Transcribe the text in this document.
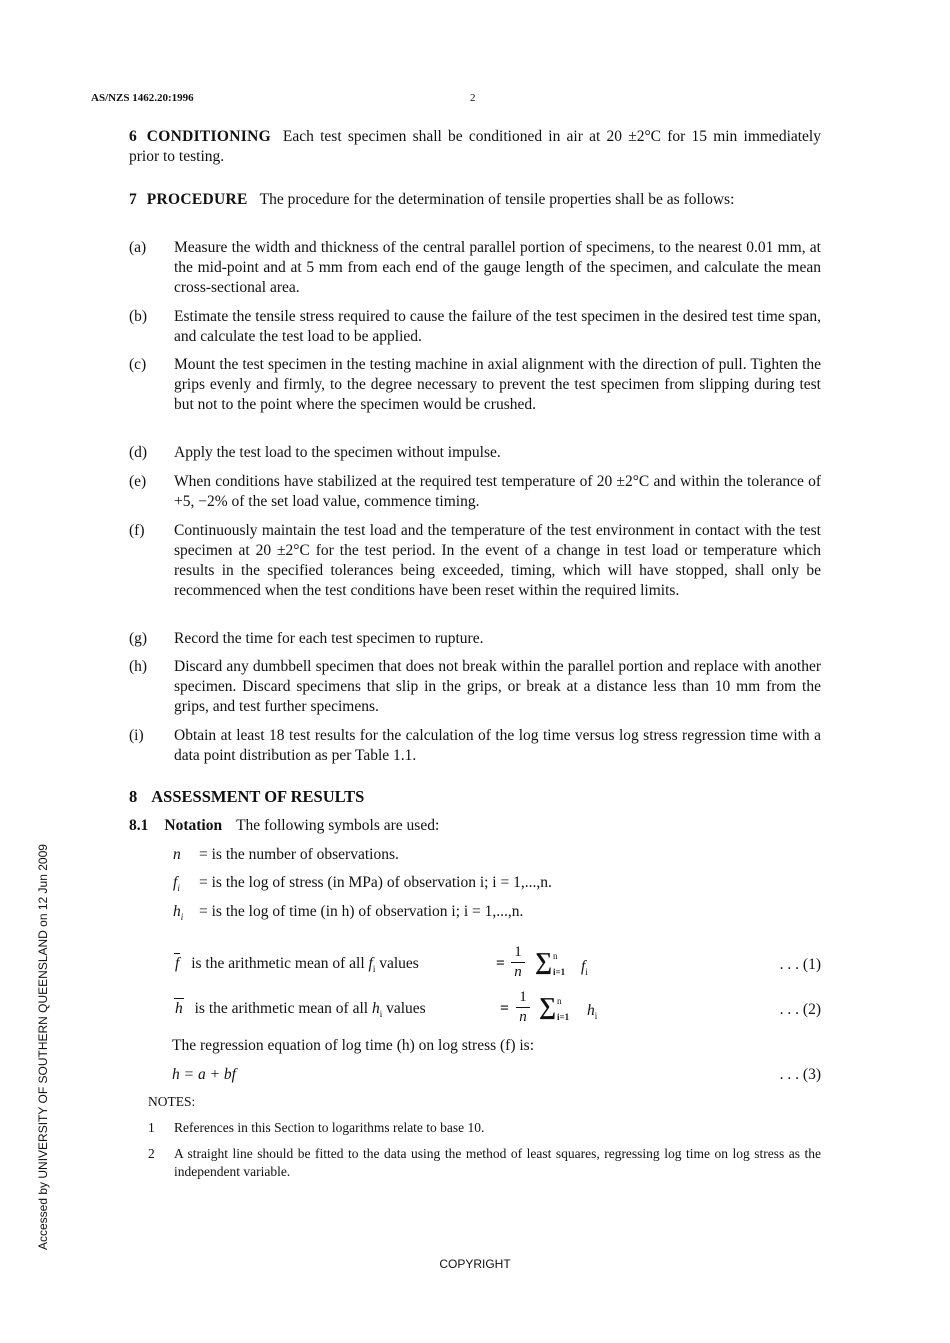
AS/NZS 1462.20:1996	2
6 CONDITIONING Each test specimen shall be conditioned in air at 20 ±2°C for 15 min immediately prior to testing.
7 PROCEDURE The procedure for the determination of tensile properties shall be as follows:
(a) Measure the width and thickness of the central parallel portion of specimens, to the nearest 0.01 mm, at the mid-point and at 5 mm from each end of the gauge length of the specimen, and calculate the mean cross-sectional area.
(b) Estimate the tensile stress required to cause the failure of the test specimen in the desired test time span, and calculate the test load to be applied.
(c) Mount the test specimen in the testing machine in axial alignment with the direction of pull. Tighten the grips evenly and firmly, to the degree necessary to prevent the test specimen from slipping during test but not to the point where the specimen would be crushed.
(d) Apply the test load to the specimen without impulse.
(e) When conditions have stabilized at the required test temperature of 20 ±2°C and within the tolerance of +5, −2% of the set load value, commence timing.
(f) Continuously maintain the test load and the temperature of the test environment in contact with the test specimen at 20 ±2°C for the test period. In the event of a change in test load or temperature which results in the specified tolerances being exceeded, timing, which will have stopped, shall only be recommenced when the test conditions have been reset within the required limits.
(g) Record the time for each test specimen to rupture.
(h) Discard any dumbbell specimen that does not break within the parallel portion and replace with another specimen. Discard specimens that slip in the grips, or break at a distance less than 10 mm from the grips, and test further specimens.
(i) Obtain at least 18 test results for the calculation of the log time versus log stress regression time with a data point distribution as per Table 1.1.
8 ASSESSMENT OF RESULTS
8.1 Notation The following symbols are used:
n = is the number of observations.
$f_i$ = is the log of stress (in MPa) of observation i; i = 1,...,n.
$h_i$ = is the log of time (in h) of observation i; i = 1,...,n.
f is the arithmetic mean of all $f_i$ values	=
1
n ∑ n
i=1 $f_i$	. . . (1)
h is the arithmetic mean of all $h_i$ values	=
1
n ∑ n
i=1 $h_i$	. . . (2)
The regression equation of log time (h) on log stress (f) is:
h = a + bf	. . . (3)
NOTES:
1 References in this Section to logarithms relate to base 10.
2 A straight line should be fitted to the data using the method of least squares, regressing log time on log stress as the independent variable.
COPYRIGHT
Accessed by UNIVERSITY OF SOUTHERN QUEENSLAND on 12 Jun 2009
